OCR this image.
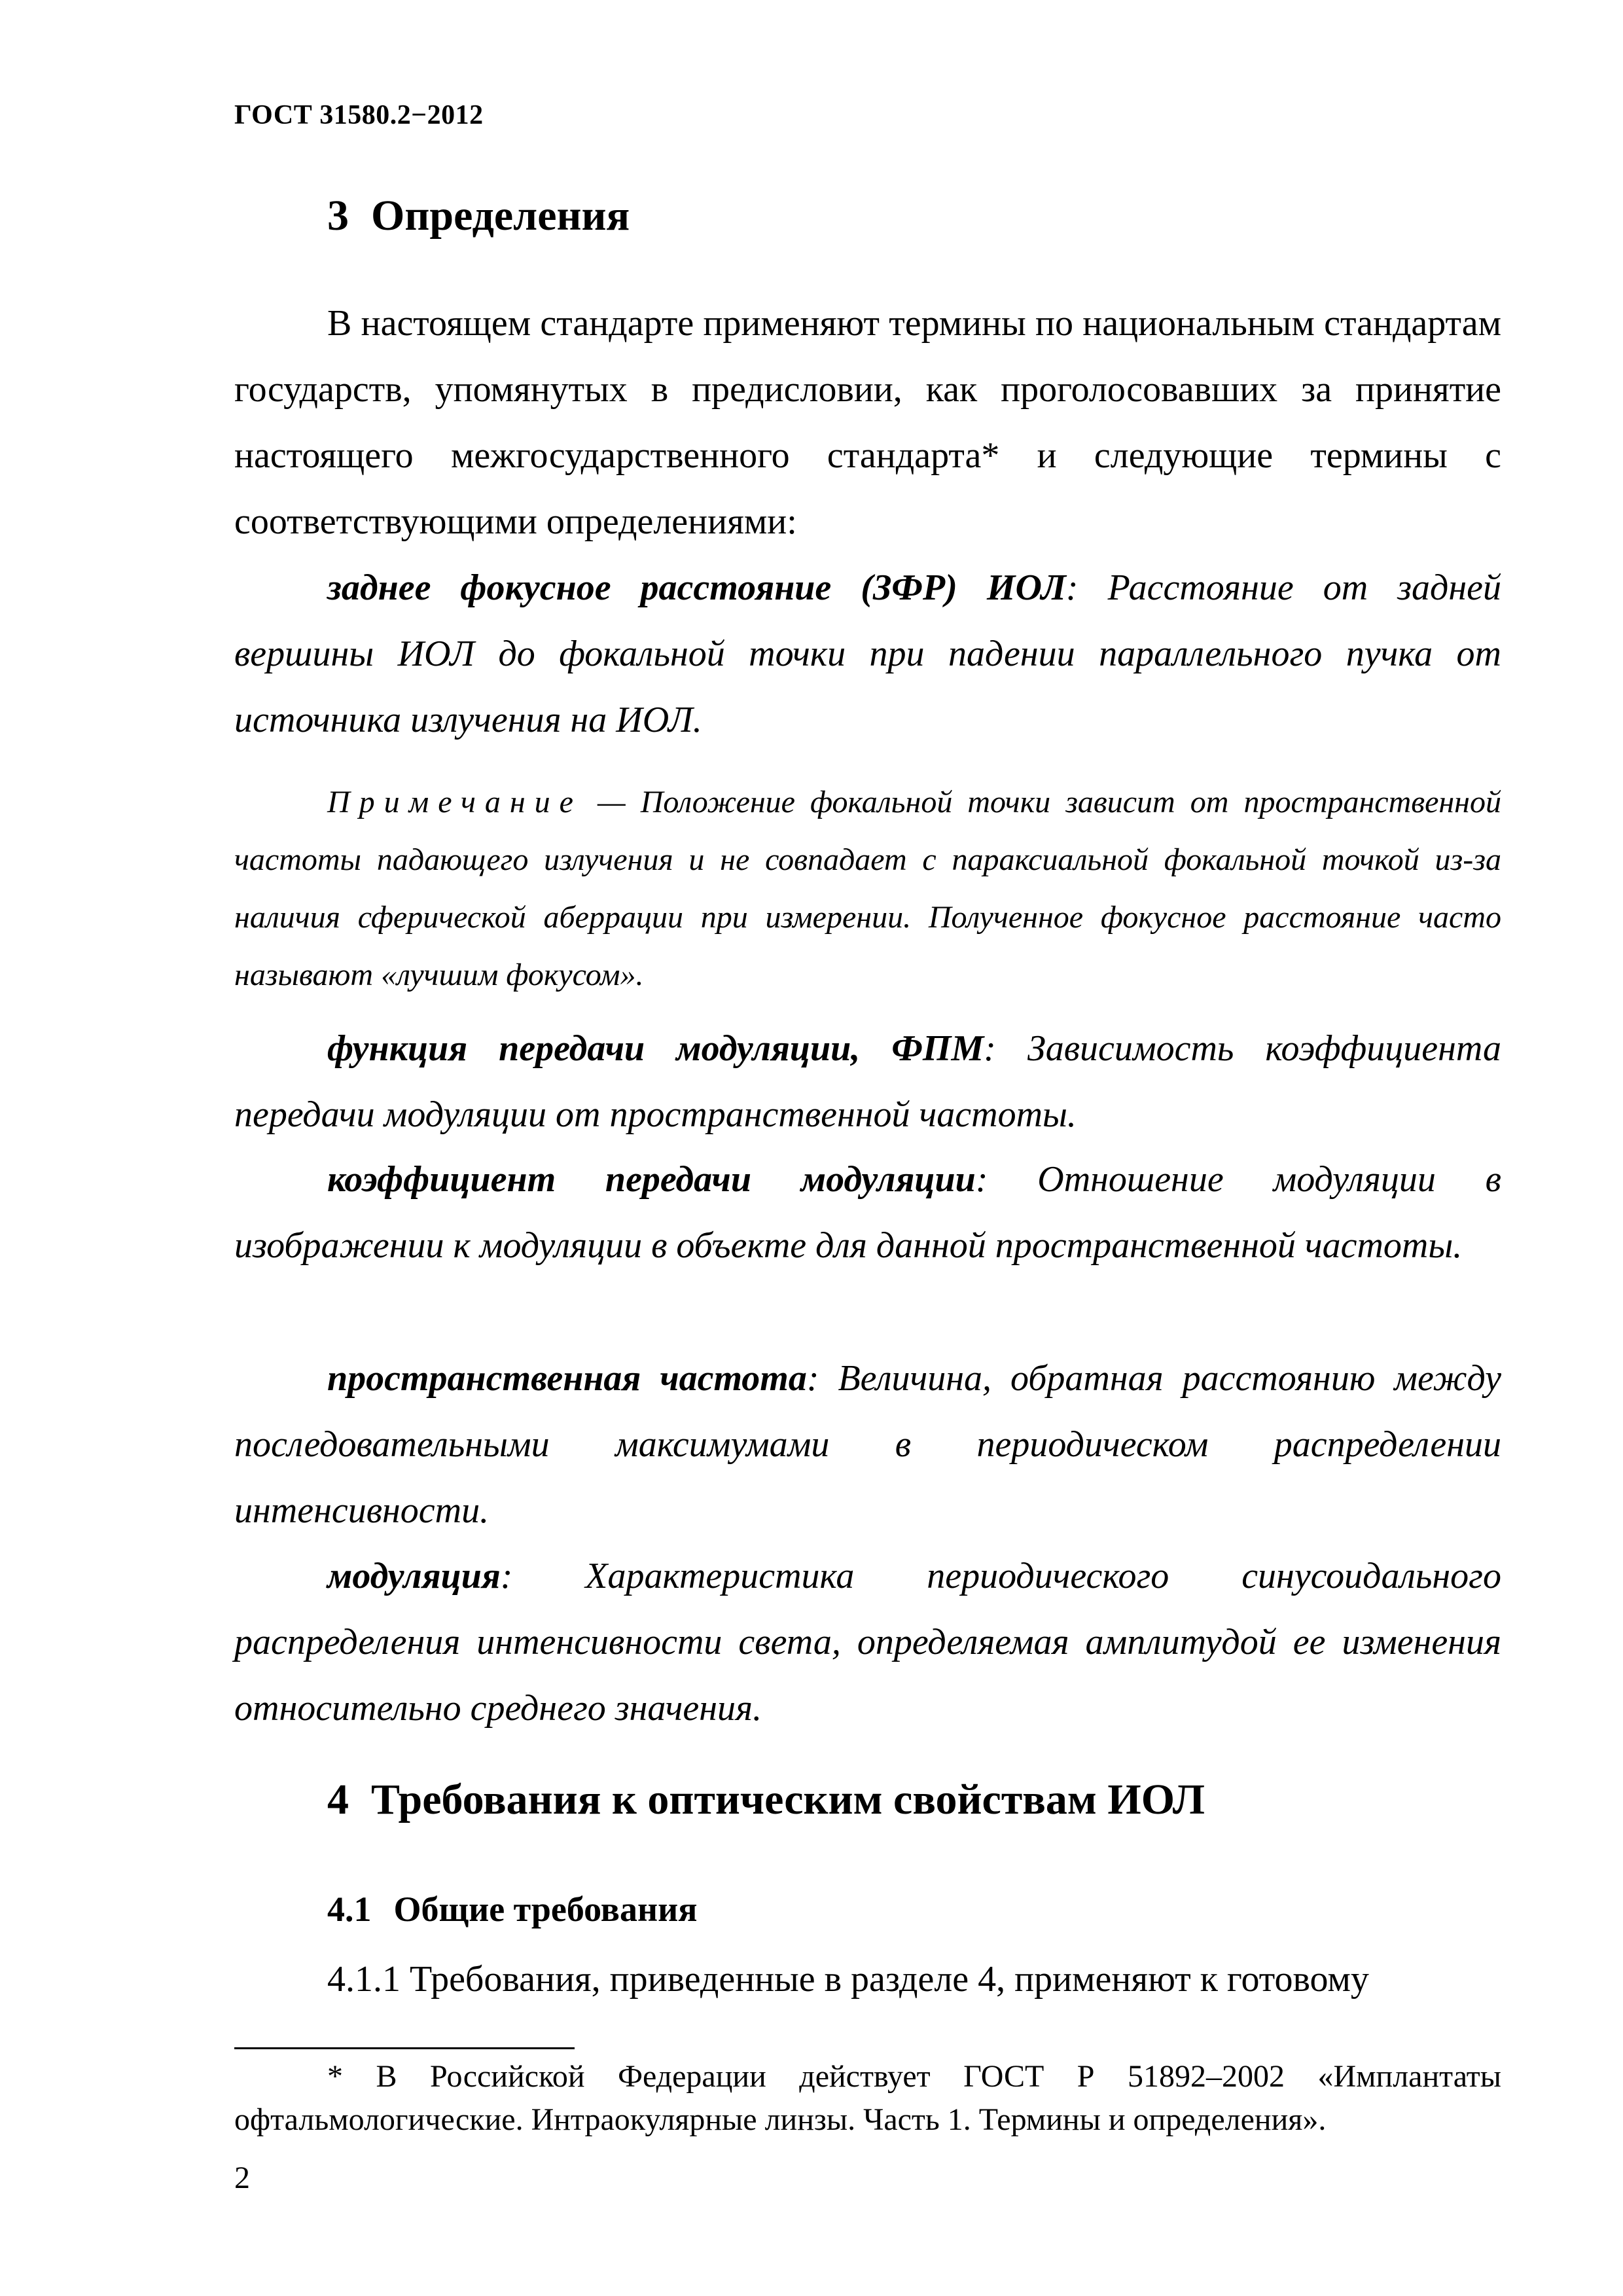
ГОСТ 31580.2−2012
3 Определения

В настоящем стандарте применяют термины по национальным стандартам государств, упомянутых в предисловии, как проголосовавших за принятие настоящего межгосударственного стандарта* и следующие термины с соответствующими определениями:

заднее фокусное расстояние (ЗФР) ИОЛ: Расстояние от задней вершины ИОЛ до фокальной точки при падении параллельного пучка от источника излучения на ИОЛ.

Примечание — Положение фокальной точки зависит от пространственной частоты падающего излучения и не совпадает с параксиальной фокальной точкой из-за наличия сферической аберрации при измерении. Полученное фокусное расстояние часто называют «лучшим фокусом».

функция передачи модуляции, ФПМ: Зависимость коэффициента передачи модуляции от пространственной частоты.

коэффициент передачи модуляции: Отношение модуляции в изображении к модуляции в объекте для данной пространственной частоты.

пространственная частота: Величина, обратная расстоянию между последовательными максимумами в периодическом распределении интенсивности.

модуляция: Характеристика периодического синусоидального распределения интенсивности света, определяемая амплитудой ее изменения относительно среднего значения.

4 Требования к оптическим свойствам ИОЛ
4.1 Общие требования

4.1.1 Требования, приведенные в разделе 4, применяют к готовому

* В Российской Федерации действует ГОСТ Р 51892–2002 «Имплантаты офтальмологические. Интраокулярные линзы. Часть 1. Термины и определения».

2
